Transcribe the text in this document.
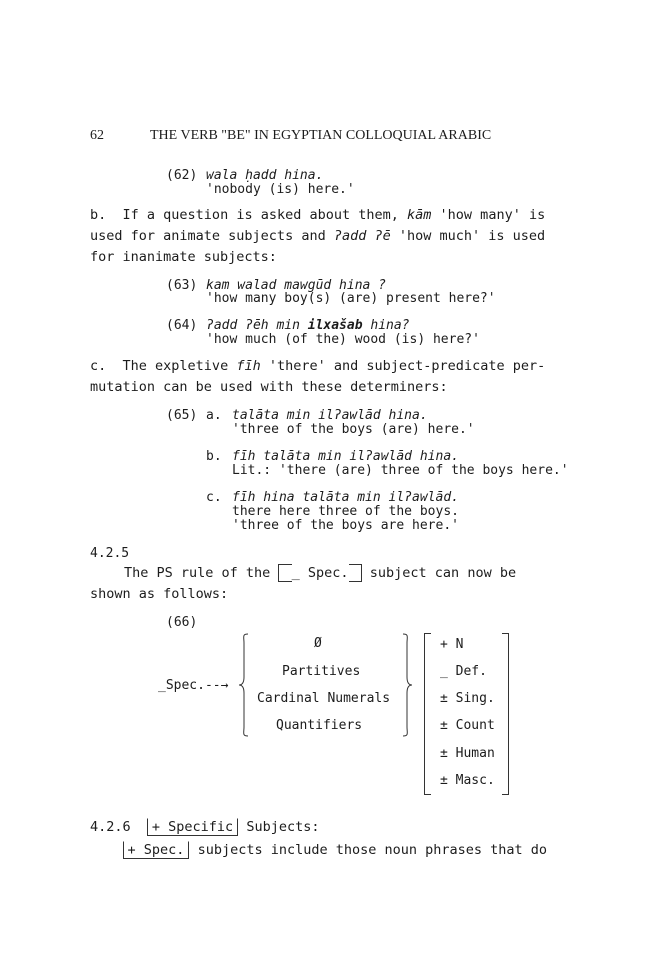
62	THE VERB "BE" IN EGYPTIAN COLLOQUIAL ARABIC
(62) wala ḥadd hina.
'nobody (is) here.'
b. If a question is asked about them, kām 'how many' is used for animate subjects and ʔadd ʔē 'how much' is used for inanimate subjects:
(63) kam walad mawgūd hina ?
'how many boy(s) (are) present here?'
(64) ʔadd ʔēh min ilxašab hina?
'how much (of the) wood (is) here?'
c. The expletive fīh 'there' and subject-predicate per-mutation can be used with these determiners:
(65) a. talāta min ilʔawlād hina.
'three of the boys (are) here.'
b. fīh talāta min ilʔawlād hina.
Lit.: 'there (are) three of the boys here.'
c. fīh hina talāta min ilʔawlād.
there here three of the boys.
'three of the boys are here.'
4.2.5
The PS rule of the _ Spec. subject can now be shown as follows:
(66)
_Spec.--→
Ø
Partitives
Cardinal Numerals
Quantifiers
+ N
_ Def.
± Sing.
± Count
± Human
± Masc.

4.2.6 + Specific Subjects:

+ Spec. subjects include those noun phrases that do
